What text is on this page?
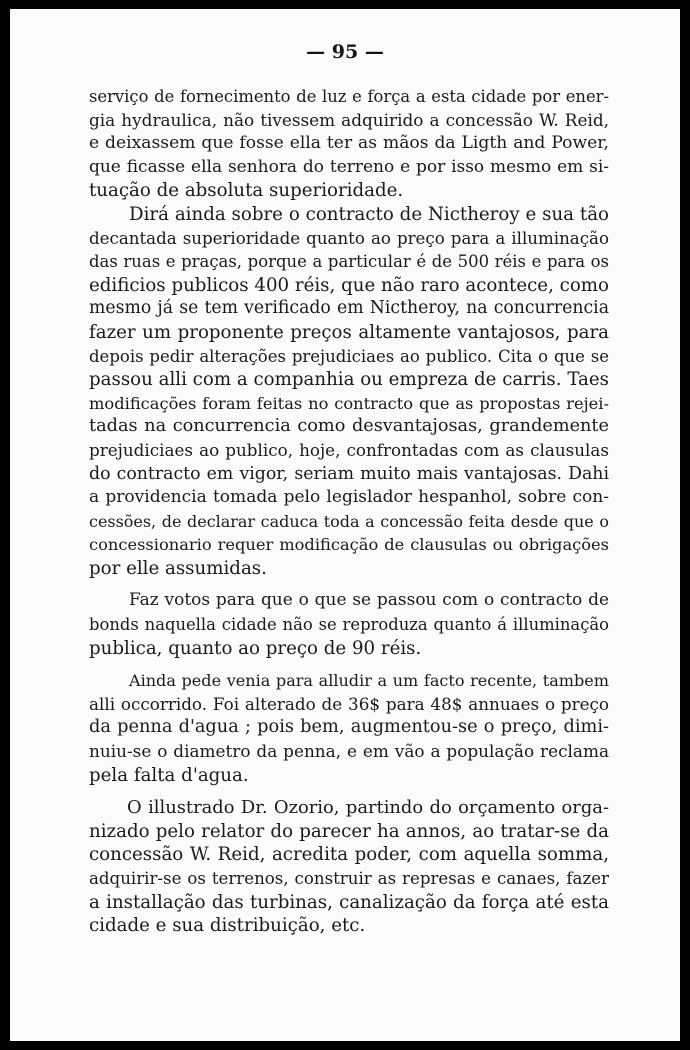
— 95 —
serviço de fornecimento de luz e força a esta cidade por ener-
gia hydraulica, não tivessem adquirido a concessão W. Reid,
e deixassem que fosse ella ter as mãos da Ligth and Power,
que ficasse ella senhora do terreno e por isso mesmo em si-
tuação de absoluta superioridade.
Dirá ainda sobre o contracto de Nictheroy e sua tão
decantada superioridade quanto ao preço para a illuminação
das ruas e praças, porque a particular é de 500 réis e para os
edificios publicos 400 réis, que não raro acontece, como
mesmo já se tem verificado em Nictheroy, na concurrencia
fazer um proponente preços altamente vantajosos, para
depois pedir alterações prejudiciaes ao publico. Cita o que se
passou alli com a companhia ou empreza de carris. Taes
modificações foram feitas no contracto que as propostas rejei-
tadas na concurrencia como desvantajosas, grandemente
prejudiciaes ao publico, hoje, confrontadas com as clausulas
do contracto em vigor, seriam muito mais vantajosas. Dahi
a providencia tomada pelo legislador hespanhol, sobre con-
cessões, de declarar caduca toda a concessão feita desde que o
concessionario requer modificação de clausulas ou obrigações
por elle assumidas.
Faz votos para que o que se passou com o contracto de
bonds naquella cidade não se reproduza quanto á illuminação
publica, quanto ao preço de 90 réis.
Ainda pede venia para alludir a um facto recente, tambem
alli occorrido. Foi alterado de 36$ para 48$ annuaes o preço
da penna d'agua ; pois bem, augmentou-se o preço, dimi-
nuiu-se o diametro da penna, e em vão a população reclama
pela falta d'agua.
O illustrado Dr. Ozorio, partindo do orçamento orga-
nizado pelo relator do parecer ha annos, ao tratar-se da
concessão W. Reid, acredita poder, com aquella somma,
adquirir-se os terrenos, construir as represas e canaes, fazer
a installação das turbinas, canalização da força até esta
cidade e sua distribuição, etc.
